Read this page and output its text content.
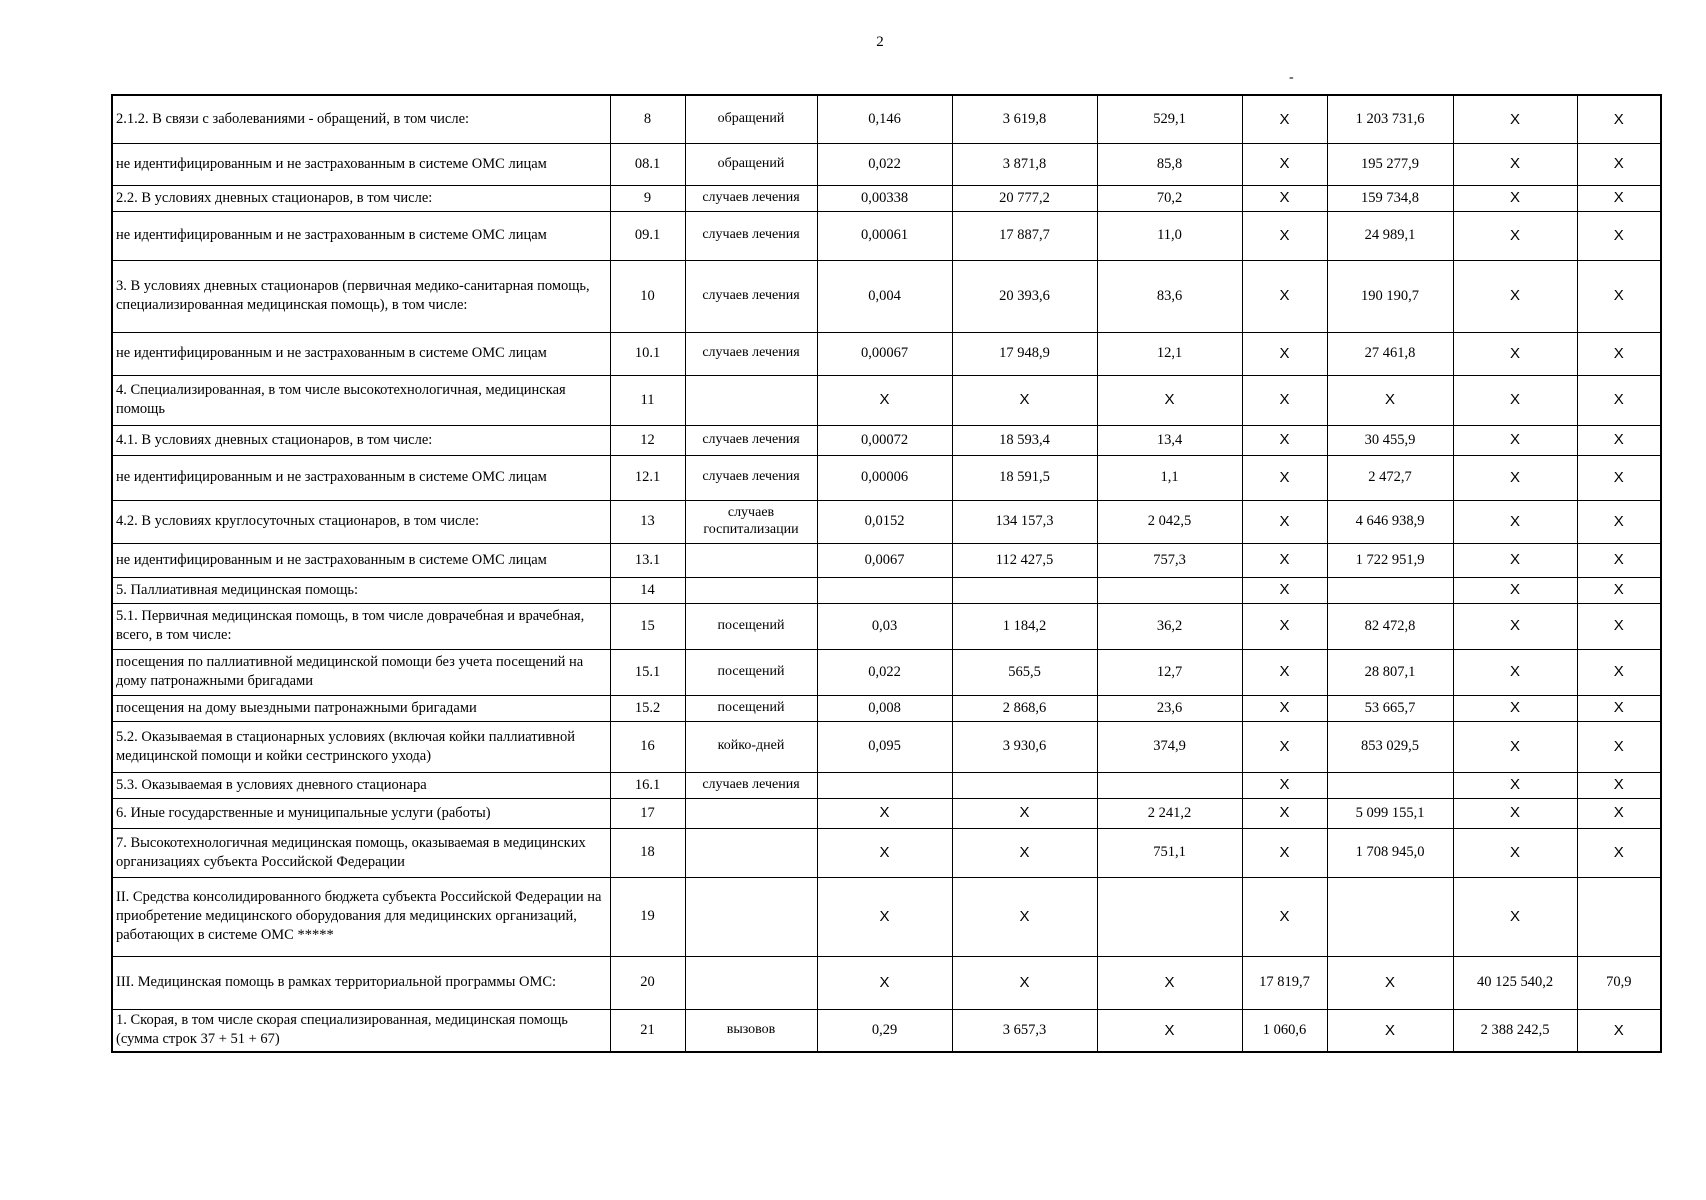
2
-
2.1.2. В связи с заболеваниями - обращений, в том числе:	8	обращений	0,146	3 619,8	529,1	X	1 203 731,6	X	X
не идентифицированным и не застрахованным в системе ОМС лицам	08.1	обращений	0,022	3 871,8	85,8	X	195 277,9	X	X
2.2. В условиях дневных стационаров, в том числе:	9	случаев лечения	0,00338	20 777,2	70,2	X	159 734,8	X	X
не идентифицированным и не застрахованным в системе ОМС лицам	09.1	случаев лечения	0,00061	17 887,7	11,0	X	24 989,1	X	X
3. В условиях дневных стационаров (первичная медико-санитарная помощь, специализированная медицинская помощь), в том числе:	10	случаев лечения	0,004	20 393,6	83,6	X	190 190,7	X	X
не идентифицированным и не застрахованным в системе ОМС лицам	10.1	случаев лечения	0,00067	17 948,9	12,1	X	27 461,8	X	X
4. Специализированная, в том числе высокотехнологичная, медицинская помощь	11		X	X	X	X	X	X	X
4.1. В условиях дневных стационаров, в том числе:	12	случаев лечения	0,00072	18 593,4	13,4	X	30 455,9	X	X
не идентифицированным и не застрахованным в системе ОМС лицам	12.1	случаев лечения	0,00006	18 591,5	1,1	X	2 472,7	X	X
4.2. В условиях круглосуточных стационаров, в том числе:	13	случаев госпитализации	0,0152	134 157,3	2 042,5	X	4 646 938,9	X	X
не идентифицированным и не застрахованным в системе ОМС лицам	13.1		0,0067	112 427,5	757,3	X	1 722 951,9	X	X
5. Паллиативная медицинская помощь:	14					X		X	X
5.1. Первичная медицинская помощь, в том числе доврачебная и врачебная, всего, в том числе:	15	посещений	0,03	1 184,2	36,2	X	82 472,8	X	X
посещения по паллиативной медицинской помощи без учета посещений на дому патронажными бригадами	15.1	посещений	0,022	565,5	12,7	X	28 807,1	X	X
посещения на дому выездными патронажными бригадами	15.2	посещений	0,008	2 868,6	23,6	X	53 665,7	X	X
5.2. Оказываемая в стационарных условиях (включая койки паллиативной медицинской помощи и койки сестринского ухода)	16	койко-дней	0,095	3 930,6	374,9	X	853 029,5	X	X
5.3. Оказываемая в условиях дневного стационара	16.1	случаев лечения				X		X	X
6. Иные государственные и муниципальные услуги (работы)	17		X	X	2 241,2	X	5 099 155,1	X	X
7. Высокотехнологичная медицинская помощь, оказываемая в медицинских организациях субъекта Российской Федерации	18		X	X	751,1	X	1 708 945,0	X	X
II. Средства консолидированного бюджета субъекта Российской Федерации на приобретение медицинского оборудования для медицинских организаций, работающих в системе ОМС *****	19		X	X		X		X	
III. Медицинская помощь в рамках территориальной программы ОМС:	20		X	X	X	17 819,7	X	40 125 540,2	70,9
1. Скорая, в том числе скорая специализированная, медицинская помощь (сумма строк 37 + 51 + 67)	21	вызовов	0,29	3 657,3	X	1 060,6	X	2 388 242,5	X
